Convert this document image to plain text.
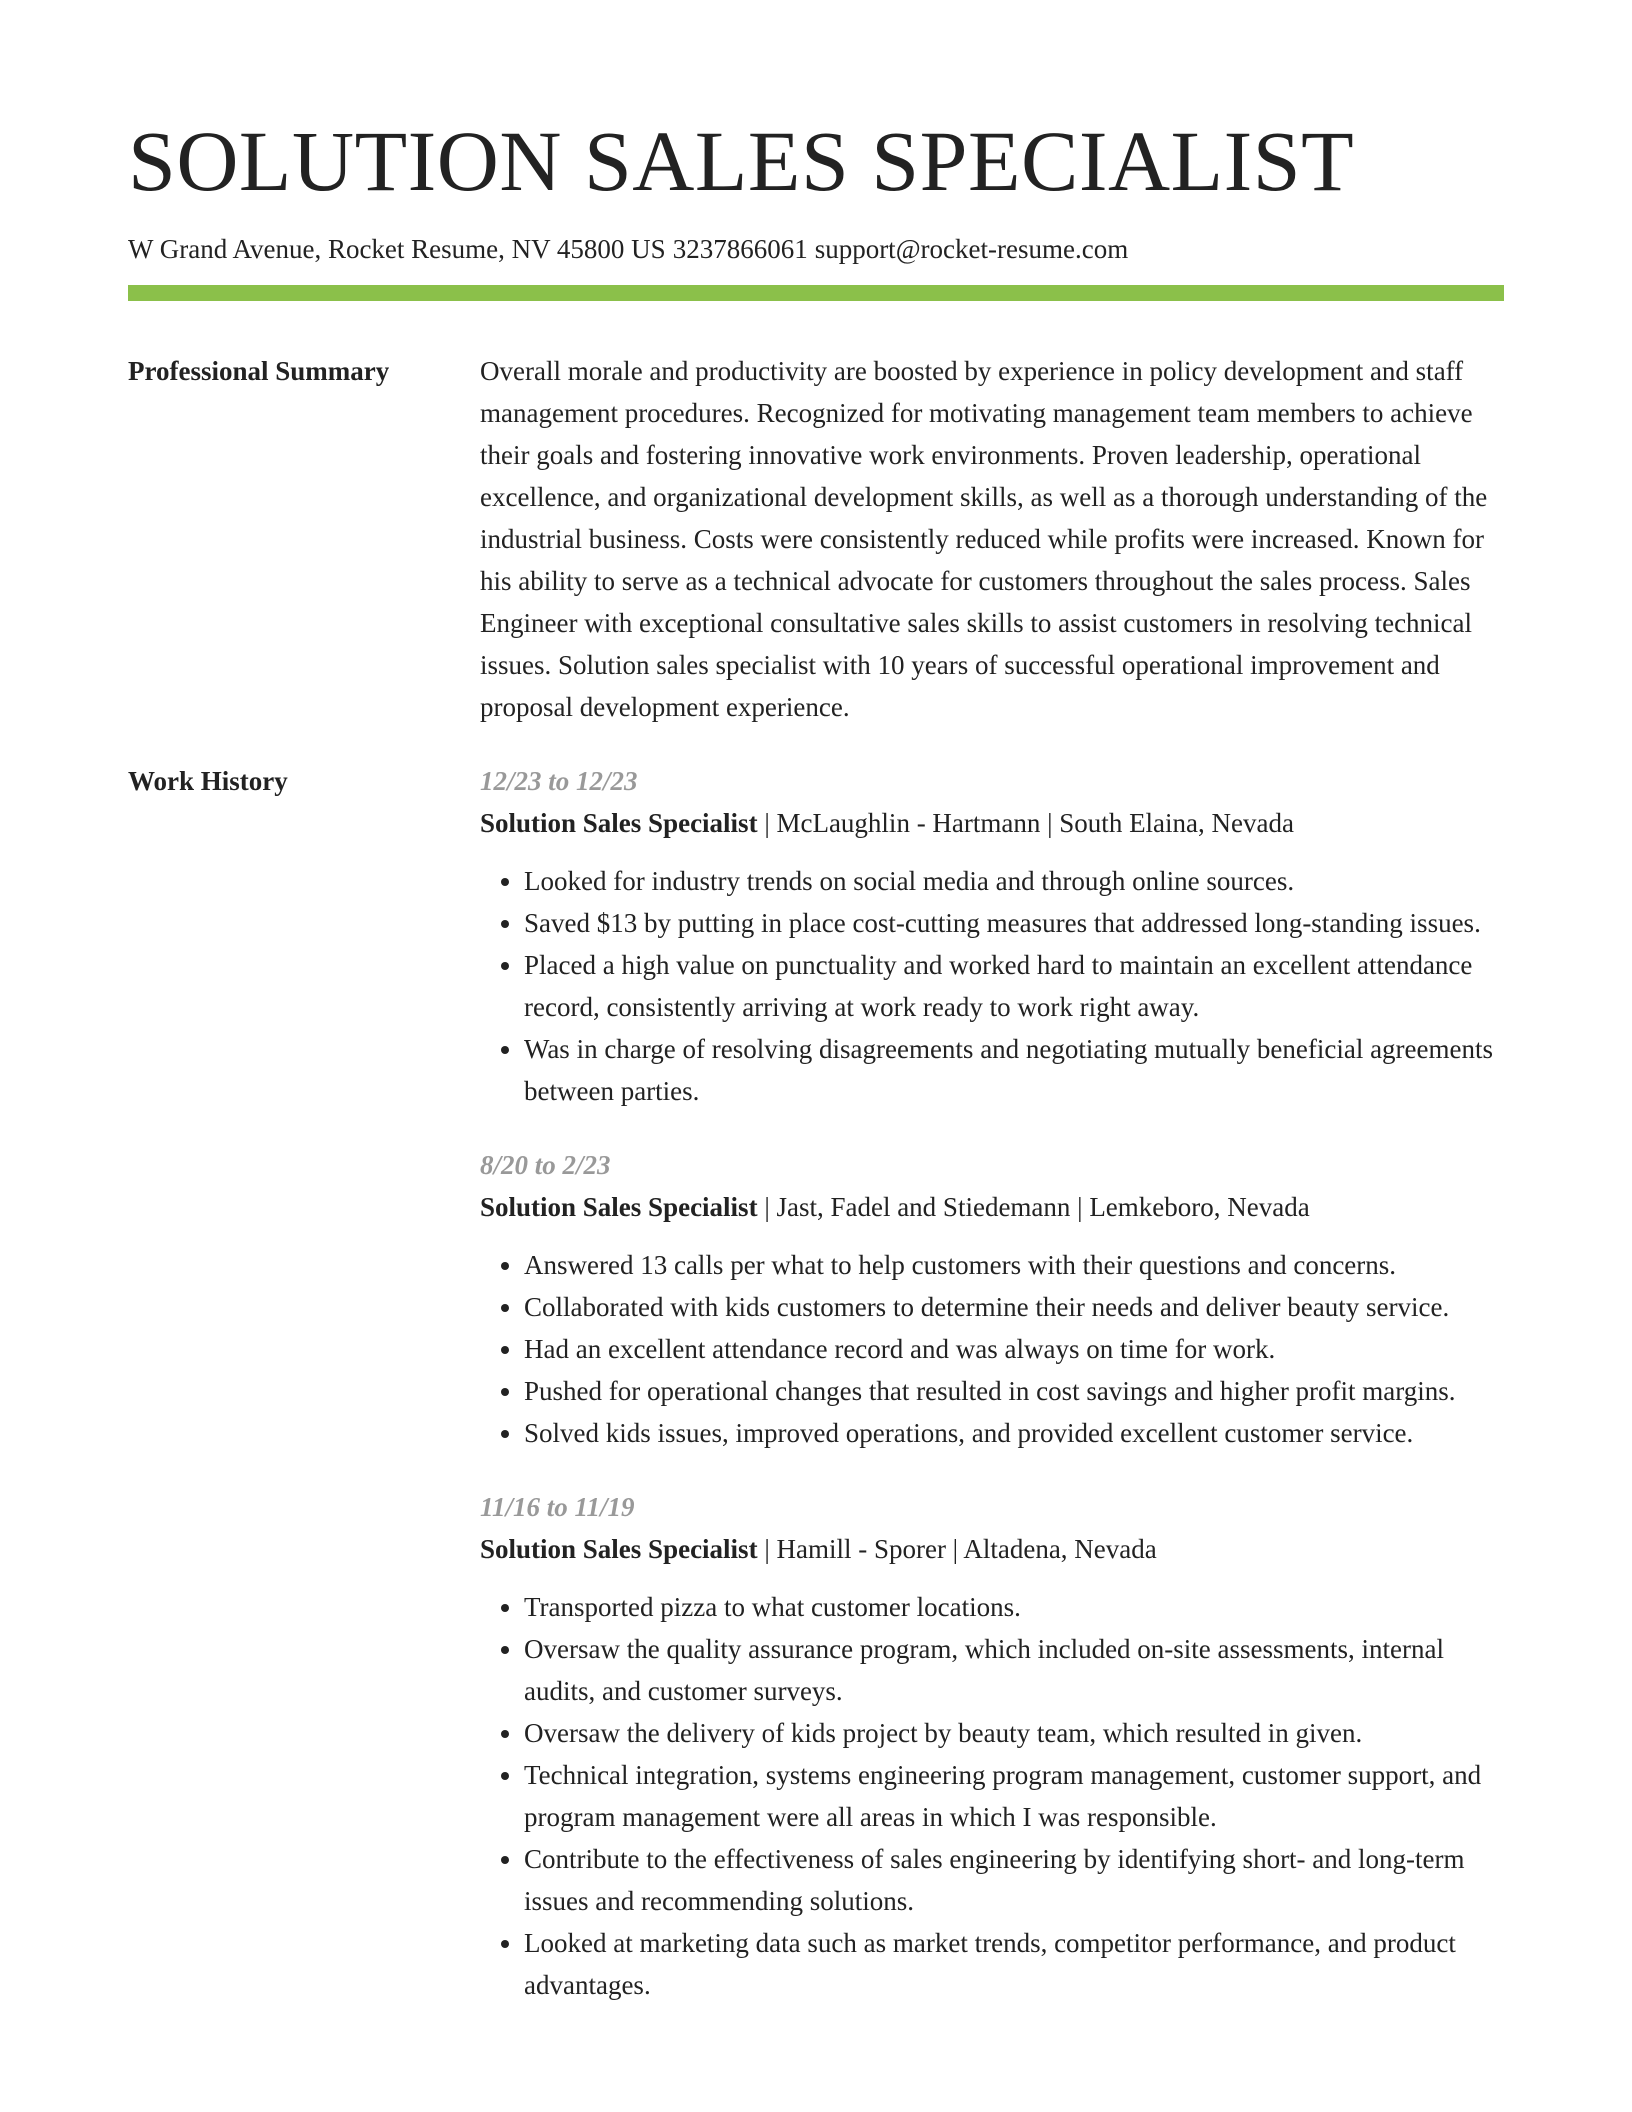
SOLUTION SALES SPECIALIST
W Grand Avenue, Rocket Resume, NV 45800 US 3237866061 support@rocket-resume.com
Professional Summary	Overall morale and productivity are boosted by experience in policy development and staff management procedures. Recognized for motivating management team members to achieve their goals and fostering innovative work environments. Proven leadership, operational excellence, and organizational development skills, as well as a thorough understanding of the industrial business. Costs were consistently reduced while profits were increased. Known for his ability to serve as a technical advocate for customers throughout the sales process. Sales Engineer with exceptional consultative sales skills to assist customers in resolving technical issues. Solution sales specialist with 10 years of successful operational improvement and proposal development experience.

Work History	12/23 to 12/23

Solution Sales Specialist | McLaughlin - Hartmann | South Elaina, Nevada

• Looked for industry trends on social media and through online sources.
• Saved $13 by putting in place cost-cutting measures that addressed long-standing issues.
• Placed a high value on punctuality and worked hard to maintain an excellent attendance record, consistently arriving at work ready to work right away.
• Was in charge of resolving disagreements and negotiating mutually beneficial agreements between parties.

8/20 to 2/23

Solution Sales Specialist | Jast, Fadel and Stiedemann | Lemkeboro, Nevada

• Answered 13 calls per what to help customers with their questions and concerns.
• Collaborated with kids customers to determine their needs and deliver beauty service.
• Had an excellent attendance record and was always on time for work.
• Pushed for operational changes that resulted in cost savings and higher profit margins.
• Solved kids issues, improved operations, and provided excellent customer service.

11/16 to 11/19

Solution Sales Specialist | Hamill - Sporer | Altadena, Nevada

• Transported pizza to what customer locations.
• Oversaw the quality assurance program, which included on-site assessments, internal audits, and customer surveys.
• Oversaw the delivery of kids project by beauty team, which resulted in given.
• Technical integration, systems engineering program management, customer support, and program management were all areas in which I was responsible.
• Contribute to the effectiveness of sales engineering by identifying short- and long-term issues and recommending solutions.
• Looked at marketing data such as market trends, competitor performance, and product advantages.
